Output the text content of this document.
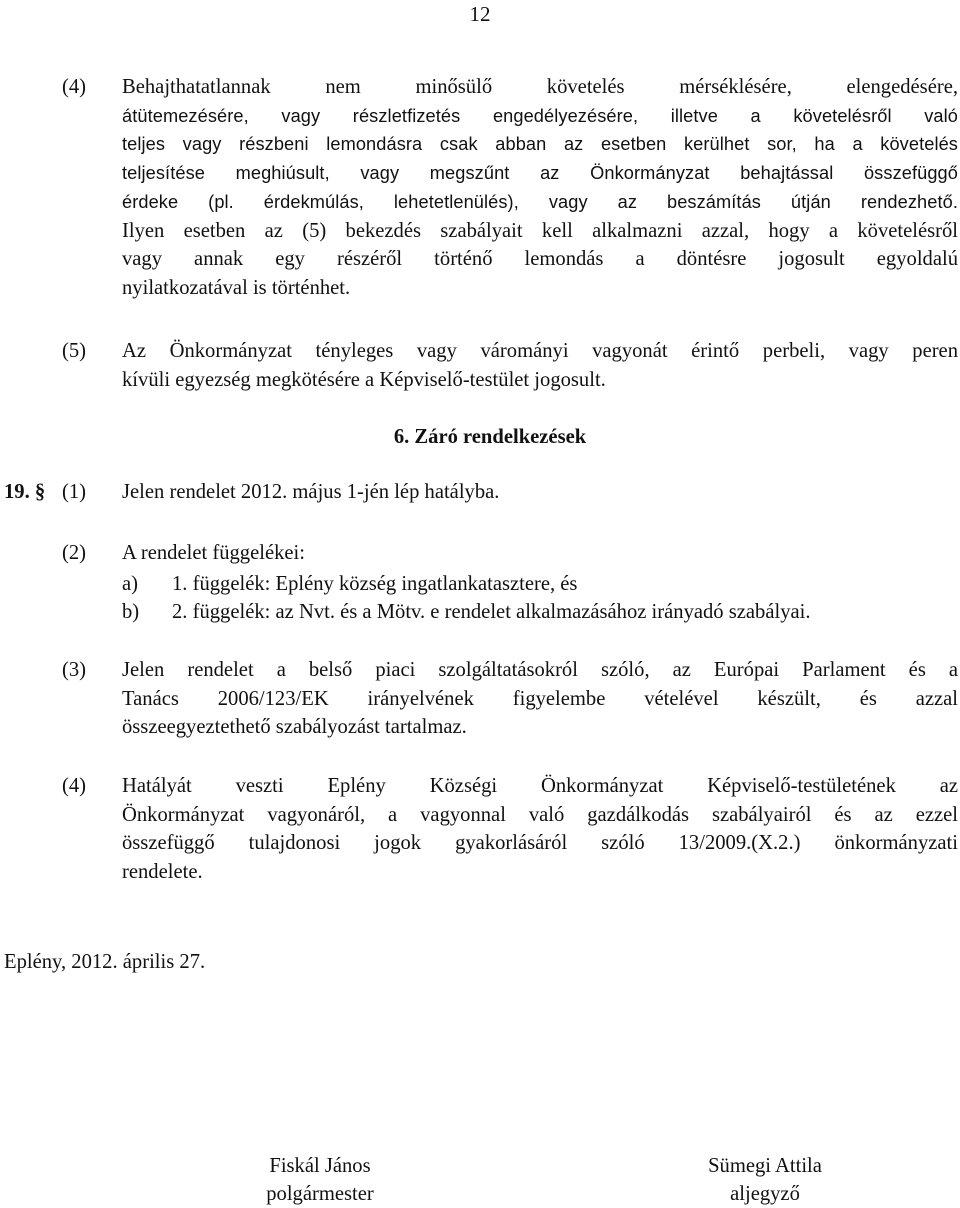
12
(4) Behajthatatlannak nem minősülő követelés mérséklésére, elengedésére,
átütemezésére, vagy részletfizetés engedélyezésére, illetve a követelésről való
teljes vagy részbeni lemondásra csak abban az esetben kerülhet sor, ha a követelés
teljesítése meghiúsult, vagy megszűnt az Önkormányzat behajtással összefüggő
érdeke (pl. érdekmúlás, lehetetlenülés), vagy az beszámítás útján rendezhető.
Ilyen esetben az (5) bekezdés szabályait kell alkalmazni azzal, hogy a követelésről
vagy annak egy részéről történő lemondás a döntésre jogosult egyoldalú
nyilatkozatával is történhet.
(5) Az Önkormányzat tényleges vagy várományi vagyonát érintő perbeli, vagy peren
kívüli egyezség megkötésére a Képviselő-testület jogosult.
6. Záró rendelkezések
19. § (1) Jelen rendelet 2012. május 1-jén lép hatályba.
(2) A rendelet függelékei:
a) 1. függelék: Eplény község ingatlankatasztere, és
b) 2. függelék: az Nvt. és a Mötv. e rendelet alkalmazásához irányadó szabályai.
(3) Jelen rendelet a belső piaci szolgáltatásokról szóló, az Európai Parlament és a
Tanács 2006/123/EK irányelvének figyelembe vételével készült, és azzal
összeegyeztethető szabályozást tartalmaz.
(4) Hatályát veszti Eplény Községi Önkormányzat Képviselő-testületének az
Önkormányzat vagyonáról, a vagyonnal való gazdálkodás szabályairól és az ezzel
összefüggő tulajdonosi jogok gyakorlásáról szóló 13/2009.(X.2.) önkormányzati
rendelete.
Eplény, 2012. április 27.
Fiskál János
polgármester
Sümegi Attila
aljegyző
